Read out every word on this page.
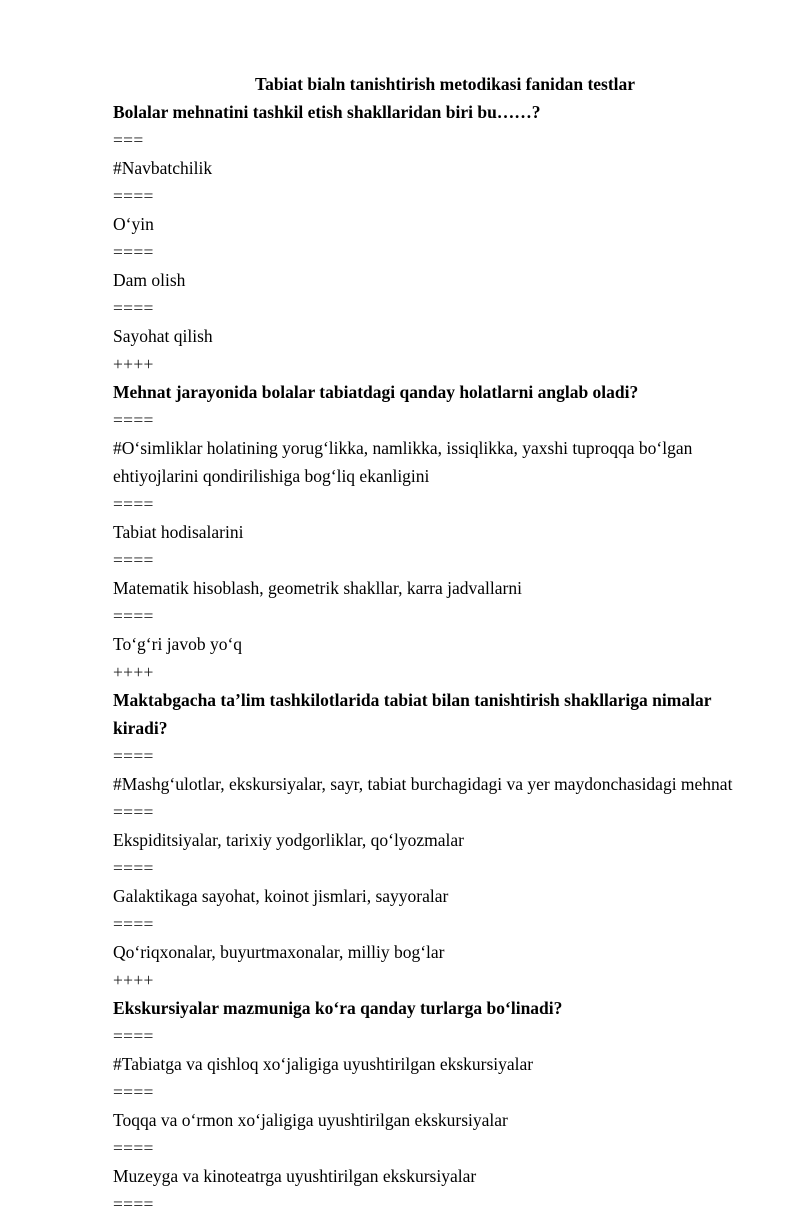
Tabiat bialn tanishtirish metodikasi fanidan testlar

Bolalar mehnatini tashkil etish shakllaridan biri bu……?

===

#Navbatchilik

====

Oʻyin

====

Dam olish

====

Sayohat qilish

++++

Mehnat jarayonida bolalar tabiatdagi qanday holatlarni anglab oladi?

====

#Oʻsimliklar holatining yorugʻlikka, namlikka, issiqlikka, yaxshi tuproqqa boʻlgan ehtiyojlarini qondirilishiga bogʻliq ekanligini

====

Tabiat hodisalarini

====

Matematik hisoblash, geometrik shakllar, karra jadvallarni

====

Toʻgʻri javob yoʻq

++++

Maktabgacha ta’lim tashkilotlarida tabiat bilan tanishtirish shakllariga nimalar kiradi?

====

#Mashgʻulotlar, ekskursiyalar, sayr, tabiat burchagidagi va yer maydonchasidagi mehnat

====

Ekspiditsiyalar, tarixiy yodgorliklar, qoʻlyozmalar

====

Galaktikaga sayohat, koinot jismlari, sayyoralar

====

Qoʻriqxonalar, buyurtmaxonalar, milliy bogʻlar

++++

Ekskursiyalar mazmuniga koʻra qanday turlarga boʻlinadi?

====

#Tabiatga va qishloq xoʻjaligiga uyushtirilgan ekskursiyalar

====

Toqqa va oʻrmon xoʻjaligiga uyushtirilgan ekskursiyalar

====

Muzeyga va kinoteatrga uyushtirilgan ekskursiyalar

====
